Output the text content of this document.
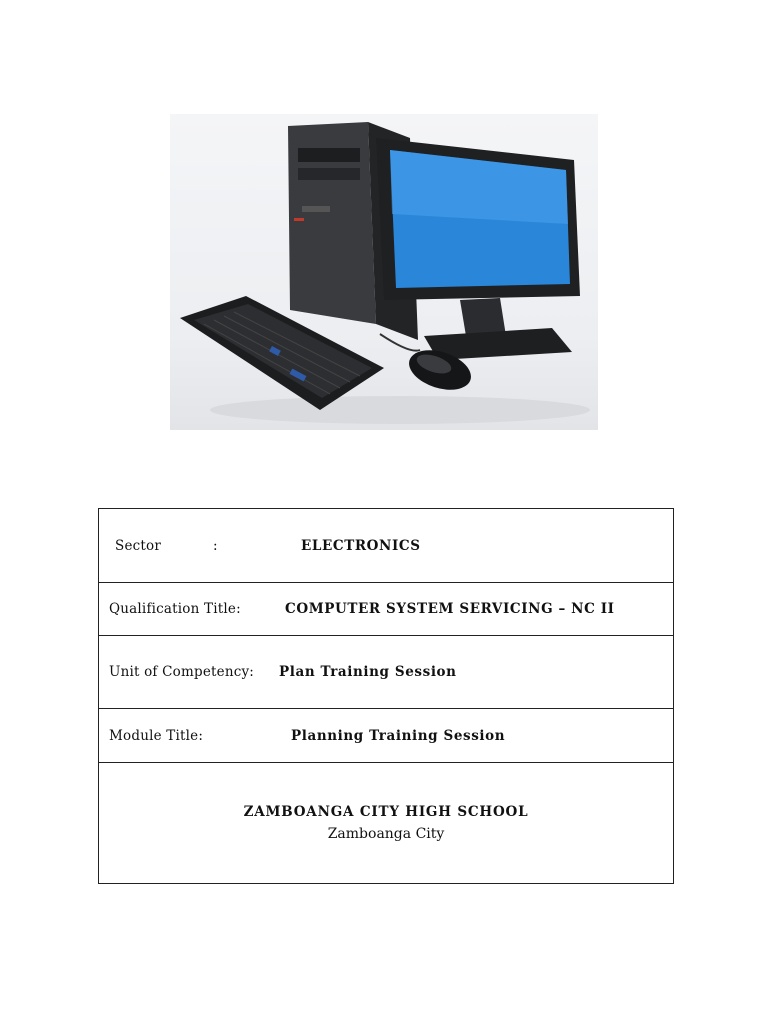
Sector	:	ELECTRONICS
Qualification Title:	COMPUTER SYSTEM SERVICING – NC II
Unit of Competency: Plan Training Session
Module Title:	Planning Training Session

ZAMBOANGA CITY HIGH SCHOOL
Zamboanga City
